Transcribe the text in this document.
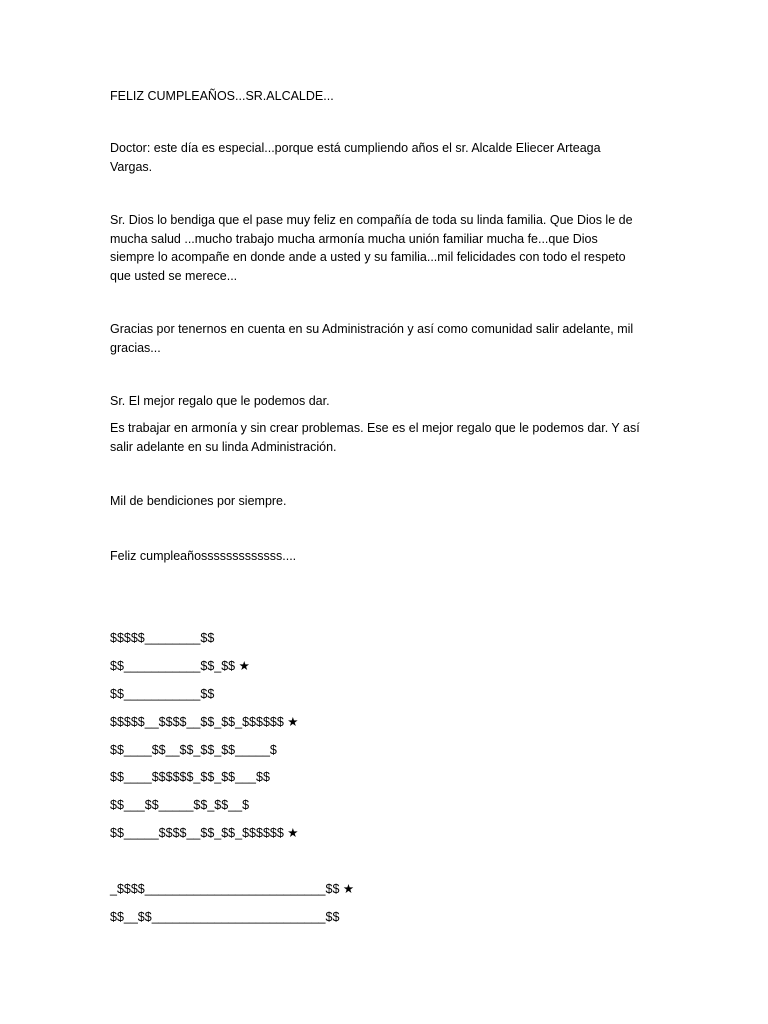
FELIZ CUMPLEAÑOS...SR.ALCALDE...
Doctor: este día es especial...porque está cumpliendo años el sr. Alcalde Eliecer Arteaga
Vargas.
Sr. Dios lo bendiga que el pase muy feliz en compañía de toda su linda familia. Que Dios le de
mucha salud ...mucho trabajo mucha armonía mucha unión familiar mucha fe...que Dios
siempre lo acompañe en donde ande a usted y su familia...mil felicidades con todo el respeto
que usted se merece...
Gracias por tenernos en cuenta en su Administración y así como comunidad salir adelante, mil
gracias...
Sr. El mejor regalo que le podemos dar.
Es trabajar en armonía y sin crear problemas. Ese es el mejor regalo que le podemos dar. Y así
salir adelante en su linda Administración.
Mil de bendiciones por siempre.
Feliz cumpleañosssssssssssss....
$$$$$________$$
$$___________$$_$$ ★
$$___________$$
$$$$$__$$$$__$$_$$_$$$$$$ ★
$$____$$__$$_$$_$$_____$
$$____$$$$$$_$$_$$___$$
$$___$$_____$$_$$__$
$$_____$$$$__$$_$$_$$$$$$ ★
_$$$$__________________________$$ ★
$$__$$_________________________$$
